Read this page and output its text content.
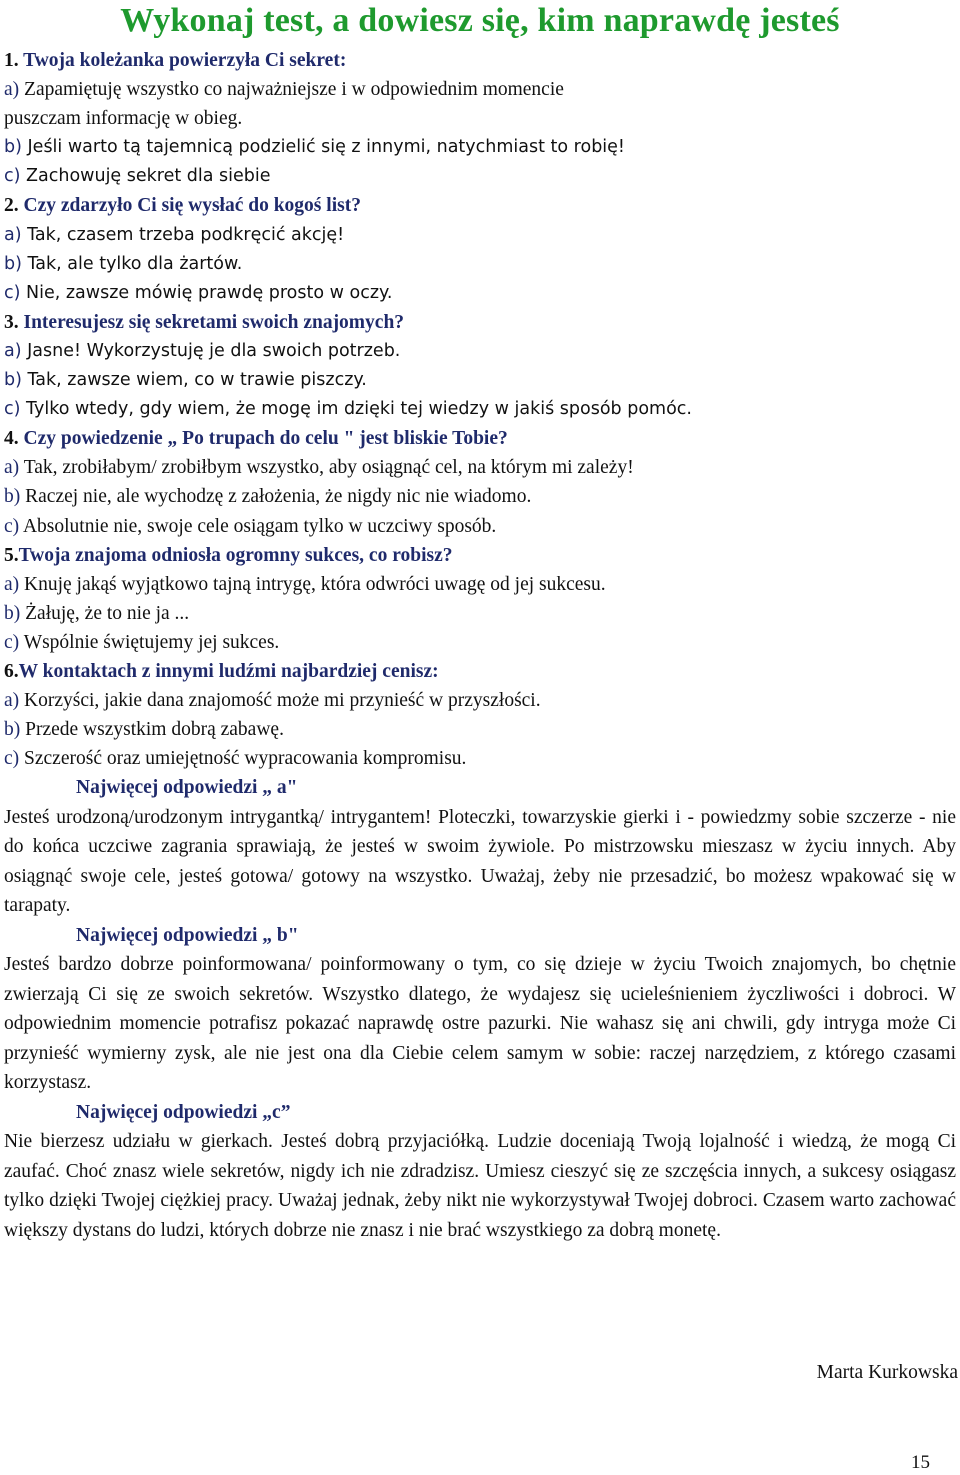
Wykonaj test, a dowiesz się, kim naprawdę jesteś

1. Twoja koleżanka powierzyła Ci sekret:

a) Zapamiętuję wszystko co najważniejsze i w odpowiednim momencie

puszczam informację w obieg.

b) Jeśli warto tą tajemnicą podzielić się z innymi, natychmiast to robię!

c) Zachowuję sekret dla siebie

2. Czy zdarzyło Ci się wysłać do kogoś list?

a) Tak, czasem trzeba podkręcić akcję!

b) Tak, ale tylko dla żartów.

c) Nie, zawsze mówię prawdę prosto w oczy.

3. Interesujesz się sekretami swoich znajomych?

a) Jasne! Wykorzystuję je dla swoich potrzeb.

b) Tak, zawsze wiem, co w trawie piszczy.

c) Tylko wtedy, gdy wiem, że mogę im dzięki tej wiedzy w jakiś sposób pomóc.

4. Czy powiedzenie „ Po trupach do celu " jest bliskie Tobie?

a) Tak, zrobiłabym/ zrobiłbym wszystko, aby osiągnąć cel, na którym mi zależy!

b) Raczej nie, ale wychodzę z założenia, że nigdy nic nie wiadomo.

c) Absolutnie nie, swoje cele osiągam tylko w uczciwy sposób.

5.Twoja znajoma odniosła ogromny sukces, co robisz?

a) Knuję jakąś wyjątkowo tajną intrygę, która odwróci uwagę od jej sukcesu.

b) Żałuję, że to nie ja ...

c) Wspólnie świętujemy jej sukces.

6.W kontaktach z innymi ludźmi najbardziej cenisz:

a) Korzyści, jakie dana znajomość może mi przynieść w przyszłości.

b) Przede wszystkim dobrą zabawę.

c) Szczerość oraz umiejętność wypracowania kompromisu.

Najwięcej odpowiedzi „ a"

Jesteś urodzoną/urodzonym intrygantką/ intrygantem! Ploteczki, towarzyskie gierki i - powiedzmy sobie szczerze - nie do końca uczciwe zagrania sprawiają, że jesteś w swoim żywiole. Po mistrzowsku mieszasz w życiu innych. Aby osiągnąć swoje cele, jesteś gotowa/ gotowy na wszystko. Uważaj, żeby nie przesadzić, bo możesz wpakować się w tarapaty.

Najwięcej odpowiedzi „ b"

Jesteś bardzo dobrze poinformowana/ poinformowany o tym, co się dzieje w życiu Twoich znajomych, bo chętnie zwierzają Ci się ze swoich sekretów. Wszystko dlatego, że wydajesz się ucieleśnieniem życzliwości i dobroci. W odpowiednim momencie potrafisz pokazać naprawdę ostre pazurki. Nie wahasz się ani chwili, gdy intryga może Ci przynieść wymierny zysk, ale nie jest ona dla Ciebie celem samym w sobie: raczej narzędziem, z którego czasami korzystasz.

Najwięcej odpowiedzi „c”

Nie bierzesz udziału w gierkach. Jesteś dobrą przyjaciółką. Ludzie doceniają Twoją lojalność i wiedzą, że mogą Ci zaufać. Choć znasz wiele sekretów, nigdy ich nie zdradzisz. Umiesz cieszyć się ze szczęścia innych, a sukcesy osiągasz tylko dzięki Twojej ciężkiej pracy. Uważaj jednak, żeby nikt nie wykorzystywał Twojej dobroci. Czasem warto zachować większy dystans do ludzi, których dobrze nie znasz i nie brać wszystkiego za dobrą monetę.

Marta Kurkowska
15
